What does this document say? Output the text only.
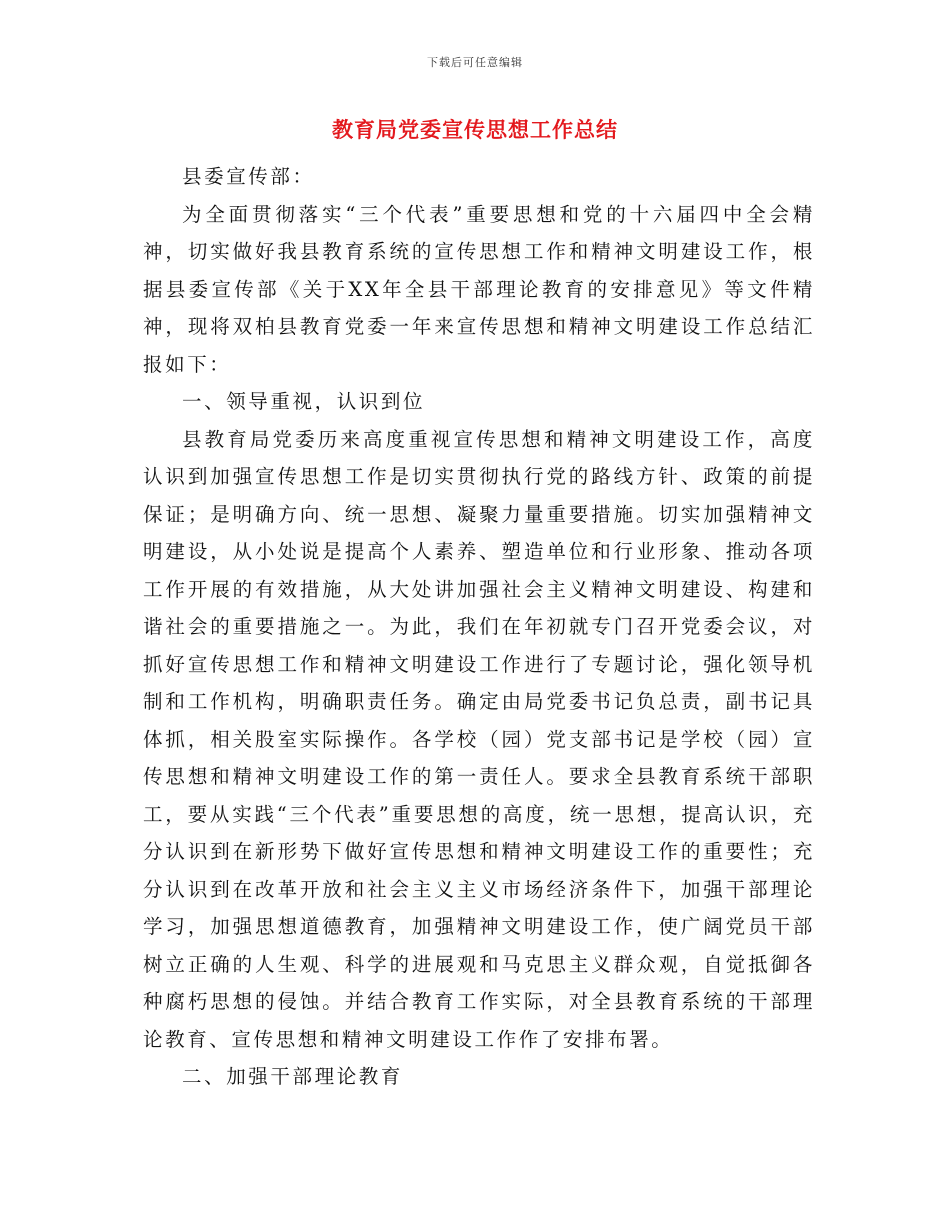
下载后可任意编辑
教育局党委宣传思想工作总结

县委宣传部：

为全面贯彻落实“三个代表”重要思想和党的十六届四中全会精神，切实做好我县教育系统的宣传思想工作和精神文明建设工作，根据县委宣传部《关于XX年全县干部理论教育的安排意见》等文件精神，现将双柏县教育党委一年来宣传思想和精神文明建设工作总结汇报如下：

一、领导重视，认识到位

县教育局党委历来高度重视宣传思想和精神文明建设工作，高度认识到加强宣传思想工作是切实贯彻执行党的路线方针、政策的前提保证；是明确方向、统一思想、凝聚力量重要措施。切实加强精神文明建设，从小处说是提高个人素养、塑造单位和行业形象、推动各项工作开展的有效措施，从大处讲加强社会主义精神文明建设、构建和谐社会的重要措施之一。为此，我们在年初就专门召开党委会议，对抓好宣传思想工作和精神文明建设工作进行了专题讨论，强化领导机制和工作机构，明确职责任务。确定由局党委书记负总责，副书记具体抓，相关股室实际操作。各学校（园）党支部书记是学校（园）宣传思想和精神文明建设工作的第一责任人。要求全县教育系统干部职工，要从实践“三个代表”重要思想的高度，统一思想，提高认识，充分认识到在新形势下做好宣传思想和精神文明建设工作的重要性；充分认识到在改革开放和社会主义主义市场经济条件下，加强干部理论学习，加强思想道德教育，加强精神文明建设工作，使广阔党员干部树立正确的人生观、科学的进展观和马克思主义群众观，自觉抵御各种腐朽思想的侵蚀。并结合教育工作实际，对全县教育系统的干部理论教育、宣传思想和精神文明建设工作作了安排布署。

二、加强干部理论教育
